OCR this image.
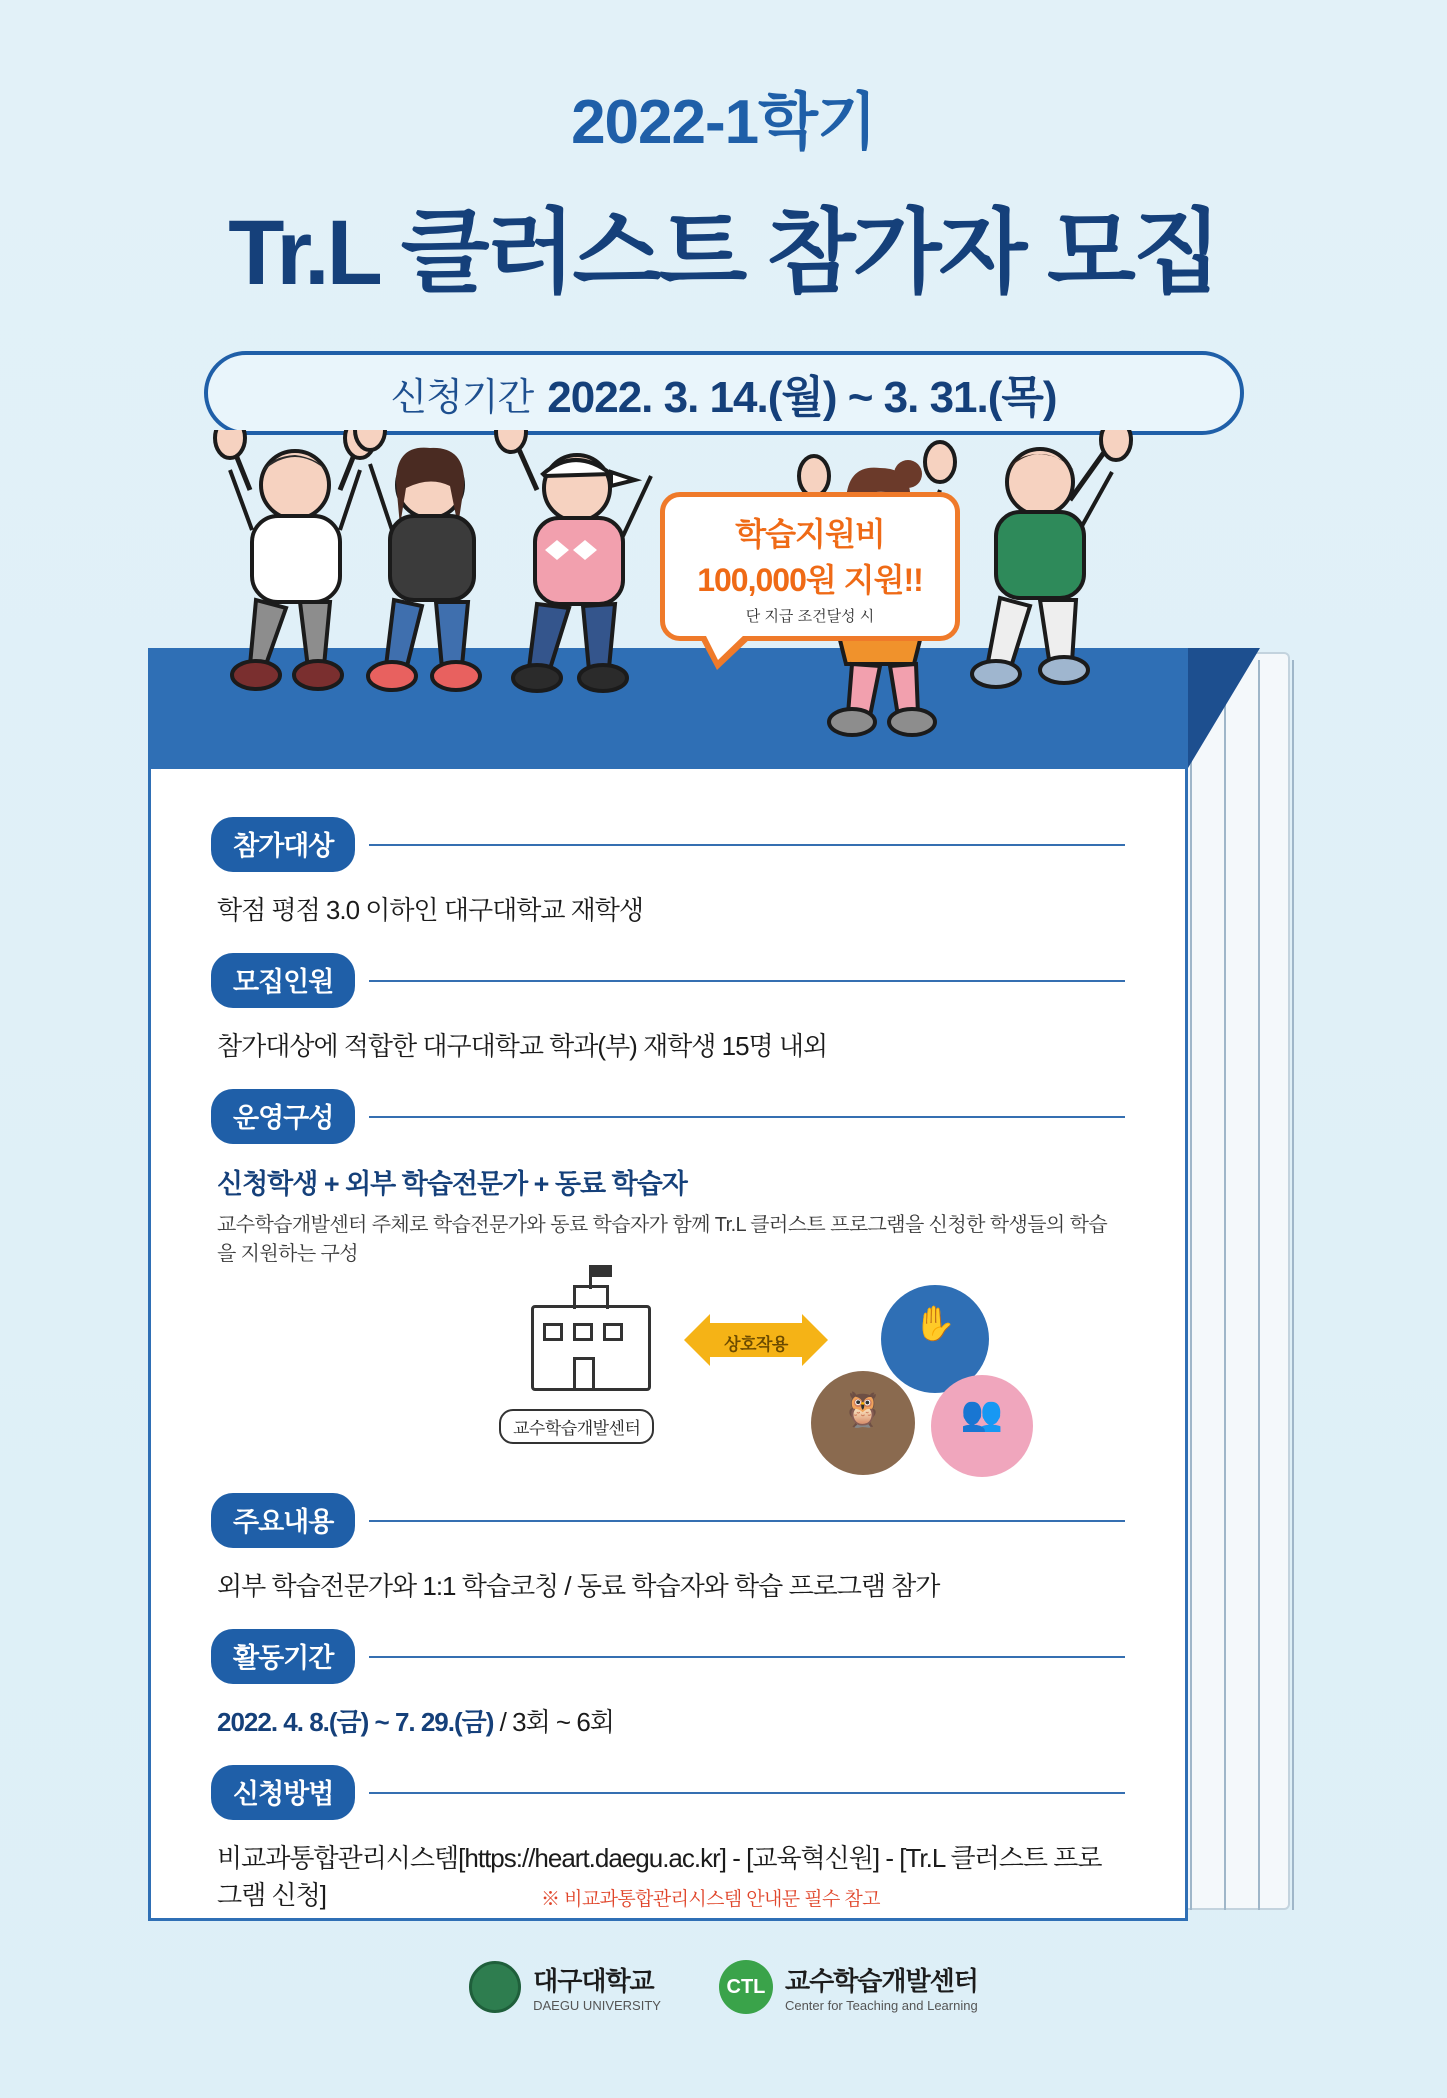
2022-1학기
Tr.L 클러스트 참가자 모집
신청기간 2022. 3. 14.(월) ~ 3. 31.(목)
학습지원비
100,000원 지원!!
단 지급 조건달성 시
참가대상
학점 평점 3.0 이하인 대구대학교 재학생
모집인원
참가대상에 적합한 대구대학교 학과(부) 재학생 15명 내외
운영구성
신청학생 + 외부 학습전문가 + 동료 학습자
교수학습개발센터 주체로 학습전문가와 동료 학습자가 함께 Tr.L 클러스트 프로그램을 신청한 학생들의 학습을 지원하는 구성
교수학습개발센터
상호작용
✋
🦉
학습 전문가
👥
동료 학습자
주요내용
외부 학습전문가와 1:1 학습코칭 / 동료 학습자와 학습 프로그램 참가
활동기간
2022. 4. 8.(금) ~ 7. 29.(금) / 3회 ~ 6회
신청방법
비교과통합관리시스템[https://heart.daegu.ac.kr] - [교육혁신원] - [Tr.L 클러스트 프로그램 신청]	※ 비교과통합관리시스템 안내문 필수 참고
대구대학교
DAEGU UNIVERSITY
CTL 교수학습개발센터
Center for Teaching and Learning
